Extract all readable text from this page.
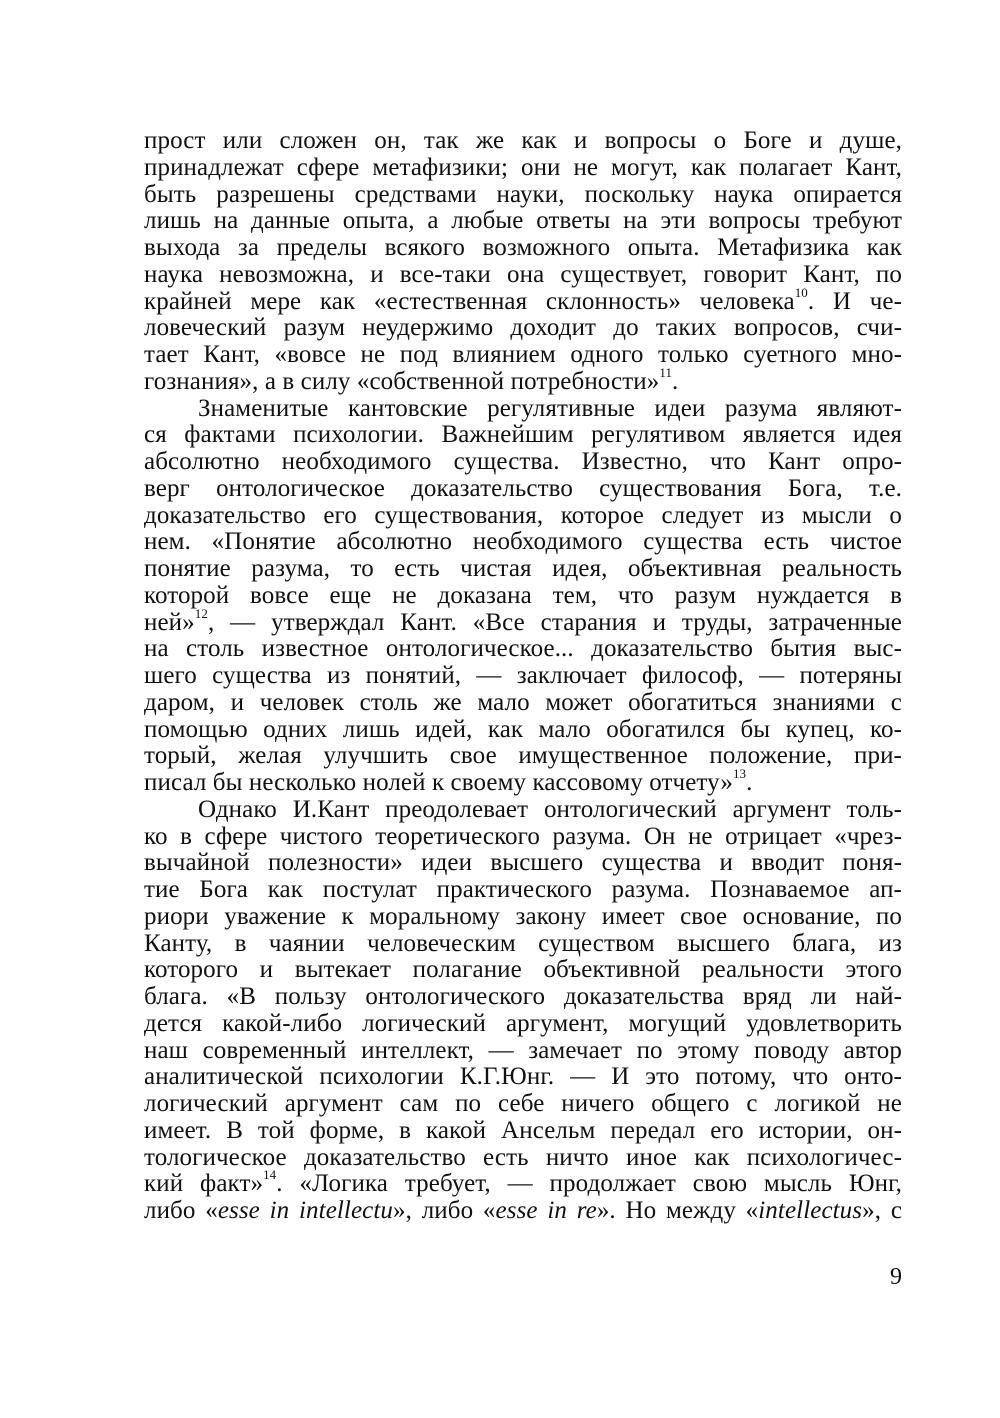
прост или сложен он, так же как и вопросы о Боге и душе,
принадлежат сфере метафизики; они не могут, как полагает Кант,
быть разрешены средствами науки, поскольку наука опирается
лишь на данные опыта, а любые ответы на эти вопросы требуют
выхода за пределы всякого возможного опыта. Метафизика как
наука невозможна, и все-таки она существует, говорит Кант, по
крайней мере как «естественная склонность» человека$^{10}$. И че-
ловеческий разум неудержимо доходит до таких вопросов, счи-
тает Кант, «вовсе не под влиянием одного только суетного мно-
гознания», а в силу «собственной потребности»$^{11}$.
Знаменитые кантовские регулятивные идеи разума являют-
ся фактами психологии. Важнейшим регулятивом является идея
абсолютно необходимого существа. Известно, что Кант опро-
верг онтологическое доказательство существования Бога, т.е.
доказательство его существования, которое следует из мысли о
нем. «Понятие абсолютно необходимого существа есть чистое
понятие разума, то есть чистая идея, объективная реальность
которой вовсе еще не доказана тем, что разум нуждается в
ней»$^{12}$, — утверждал Кант. «Все старания и труды, затраченные
на столь известное онтологическое... доказательство бытия выс-
шего существа из понятий, — заключает философ, — потеряны
даром, и человек столь же мало может обогатиться знаниями с
помощью одних лишь идей, как мало обогатился бы купец, ко-
торый, желая улучшить свое имущественное положение, при-
писал бы несколько нолей к своему кассовому отчету»$^{13}$.
Однако И.Кант преодолевает онтологический аргумент толь-
ко в сфере чистого теоретического разума. Он не отрицает «чрез-
вычайной полезности» идеи высшего существа и вводит поня-
тие Бога как постулат практического разума. Познаваемое ап-
риори уважение к моральному закону имеет свое основание, по
Канту, в чаянии человеческим существом высшего блага, из
которого и вытекает полагание объективной реальности этого
блага. «В пользу онтологического доказательства вряд ли най-
дется какой-либо логический аргумент, могущий удовлетворить
наш современный интеллект, — замечает по этому поводу автор
аналитической психологии К.Г.Юнг. — И это потому, что онто-
логический аргумент сам по себе ничего общего с логикой не
имеет. В той форме, в какой Ансельм передал его истории, он-
тологическое доказательство есть ничто иное как психологичес-
кий факт»$^{14}$. «Логика требует, — продолжает свою мысль Юнг,
либо «esse in intellectu», либо «esse in re». Но между «intellectus», с
9
